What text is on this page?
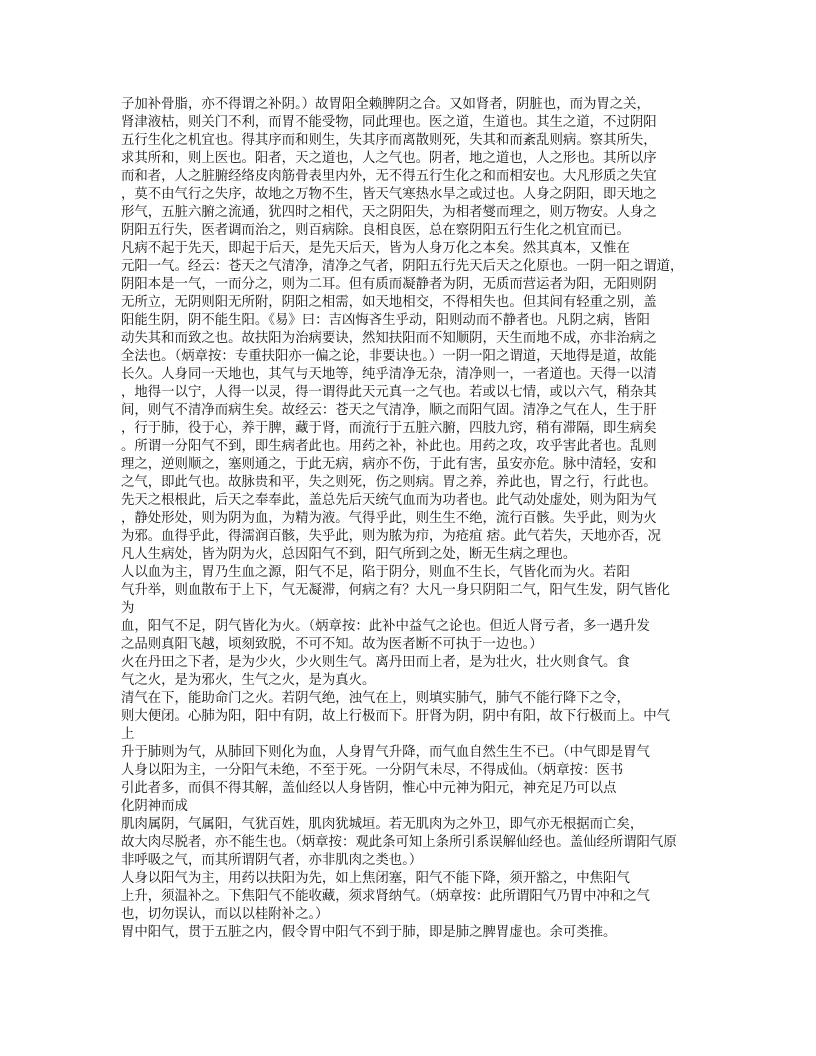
子加补骨脂，亦不得谓之补阴。）故胃阳全赖脾阴之合。又如肾者，阴脏也，而为胃之关，
肾津液枯，则关门不利，而胃不能受物，同此理也。医之道，生道也。其生之道，不过阴阳
五行生化之机宜也。得其序而和则生，失其序而离散则死，失其和而紊乱则病。察其所失，
求其所和，则上医也。阳者，天之道也，人之气也。阴者，地之道也，人之形也。其所以序
而和者，人之脏腑经络皮肉筋骨表里内外，无不得五行生化之和而相安也。大凡形质之失宜
，莫不由气行之失序，故地之万物不生，皆天气寒热水旱之或过也。人身之阴阳，即天地之
形气，五脏六腑之流通，犹四时之相代，天之阴阳失，为相者燮而理之，则万物安。人身之
阴阳五行失，医者调而治之，则百病除。良相良医，总在察阴阳五行生化之机宜而已。
凡病不起于先天，即起于后天，是先天后天，皆为人身万化之本矣。然其真本，又惟在
元阳一气。经云：苍天之气清净，清净之气者，阴阳五行先天后天之化原也。一阴一阳之谓道，
阴阳本是一气，一而分之，则为二耳。但有质而凝静者为阴，无质而营运者为阳，无阳则阴
无所立，无阴则阳无所附，阴阳之相需，如天地相交，不得相失也。但其间有轻重之别，盖
阳能生阴，阴不能生阳。《易》曰：吉凶悔吝生乎动，阳则动而不静者也。凡阴之病，皆阳
动失其和而致之也。故扶阳为治病要诀，然知扶阳而不知顺阴，天生而地不成，亦非治病之
全法也。（炳章按：专重扶阳亦一偏之论，非要诀也。）一阴一阳之谓道，天地得是道，故能
长久。人身同一天地也，其气与天地等，纯乎清净无杂，清净则一，一者道也。天得一以清
，地得一以宁，人得一以灵，得一谓得此天元真一之气也。若或以七情，或以六气，稍杂其
间，则气不清净而病生矣。故经云：苍天之气清净，顺之而阳气固。清净之气在人，生于肝
，行于肺，役于心，养于脾，藏于肾，而流行于五脏六腑，四肢九窍，稍有滞隔，即生病矣
。所谓一分阳气不到，即生病者此也。用药之补，补此也。用药之攻，攻乎害此者也。乱则
理之，逆则顺之，塞则通之，于此无病，病亦不伤，于此有害，虽安亦危。脉中清轻，安和
之气，即此气也。故脉贵和平，失之则死，伤之则病。胃之养，养此也，胃之行，行此也。
先天之根根此，后天之奉奉此，盖总先后天统气血而为功者也。此气动处虚处，则为阳为气
，静处形处，则为阴为血，为精为液。气得乎此，则生生不绝，流行百骸。失乎此，则为火
为邪。血得乎此，得濡润百骸，失乎此，则为脓为疖，为疮疽 痞。此气若失，天地亦否，况
凡人生病处，皆为阴为火，总因阳气不到，阳气所到之处，断无生病之理也。
人以血为主，胃乃生血之源，阳气不足，陷于阴分，则血不生长，气皆化而为火。若阳
气升举，则血散布于上下，气无凝滞，何病之有？大凡一身只阴阳二气，阳气生发，阴气皆化
为
血，阳气不足，阴气皆化为火。（炳章按：此补中益气之论也。但近人肾亏者，多一遇升发
之品则真阳飞越，顷刻致脱，不可不知。故为医者断不可执于一边也。）
火在丹田之下者，是为少火，少火则生气。离丹田而上者，是为壮火，壮火则食气。食
气之火，是为邪火，生气之火，是为真火。
清气在下，能助命门之火。若阴气绝，浊气在上，则填实肺气，肺气不能行降下之令，
则大便闭。心肺为阳，阳中有阴，故上行极而下。肝肾为阴，阴中有阳，故下行极而上。中气
上
升于肺则为气，从肺回下则化为血，人身胃气升降，而气血自然生生不已。（中气即是胃气
人身以阳为主，一分阳气未绝，不至于死。一分阴气未尽，不得成仙。（炳章按：医书
引此者多，而俱不得其解，盖仙经以人身皆阴，惟心中元神为阳元，神充足乃可以点
化阴神而成
肌肉属阴，气属阳，气犹百姓，肌肉犹城垣。若无肌肉为之外卫，即气亦无根据而亡矣，
故大肉尽脱者，亦不能生也。（炳章按：观此条可知上条所引系误解仙经也。盖仙经所谓阳气原
非呼吸之气，而其所谓阴气者，亦非肌肉之类也。）
人身以阳气为主，用药以扶阳为先，如上焦闭塞，阳气不能下降，须开豁之，中焦阳气
上升，须温补之。下焦阳气不能收藏，须求肾纳气。（炳章按：此所谓阳气乃胃中冲和之气
也，切勿误认，而以以桂附补之。）
胃中阳气，贯于五脏之内，假令胃中阳气不到于肺，即是肺之脾胃虚也。余可类推。
